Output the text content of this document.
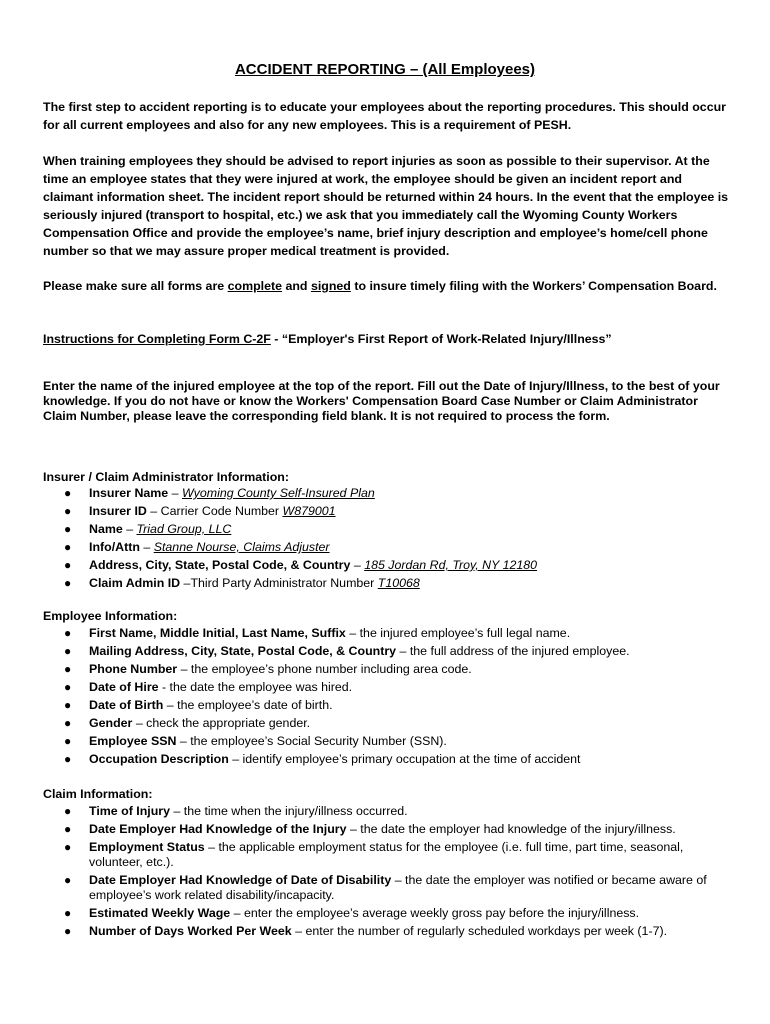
ACCIDENT REPORTING – (All Employees)
The first step to accident reporting is to educate your employees about the reporting procedures. This should occur for all current employees and also for any new employees. This is a requirement of PESH.
When training employees they should be advised to report injuries as soon as possible to their supervisor. At the time an employee states that they were injured at work, the employee should be given an incident report and claimant information sheet. The incident report should be returned within 24 hours. In the event that the employee is seriously injured (transport to hospital, etc.) we ask that you immediately call the Wyoming County Workers Compensation Office and provide the employee’s name, brief injury description and employee’s home/cell phone number so that we may assure proper medical treatment is provided.
Please make sure all forms are complete and signed to insure timely filing with the Workers’ Compensation Board.
Instructions for Completing Form C-2F - “Employer's First Report of Work-Related Injury/Illness”
Enter the name of the injured employee at the top of the report. Fill out the Date of Injury/Illness, to the best of your knowledge. If you do not have or know the Workers' Compensation Board Case Number or Claim Administrator Claim Number, please leave the corresponding field blank. It is not required to process the form.
Insurer / Claim Administrator Information:
● Insurer Name – Wyoming County Self-Insured Plan
● Insurer ID – Carrier Code Number W879001
● Name – Triad Group, LLC
● Info/Attn – Stanne Nourse, Claims Adjuster
● Address, City, State, Postal Code, & Country – 185 Jordan Rd, Troy, NY 12180
● Claim Admin ID –Third Party Administrator Number T10068
Employee Information:
● First Name, Middle Initial, Last Name, Suffix – the injured employee’s full legal name.
● Mailing Address, City, State, Postal Code, & Country – the full address of the injured employee.
● Phone Number – the employee’s phone number including area code.
● Date of Hire - the date the employee was hired.
● Date of Birth – the employee’s date of birth.
● Gender – check the appropriate gender.
● Employee SSN – the employee’s Social Security Number (SSN).
● Occupation Description – identify employee’s primary occupation at the time of accident
Claim Information:
● Time of Injury – the time when the injury/illness occurred.
● Date Employer Had Knowledge of the Injury – the date the employer had knowledge of the injury/illness.
● Employment Status – the applicable employment status for the employee (i.e. full time, part time, seasonal, volunteer, etc.).
● Date Employer Had Knowledge of Date of Disability – the date the employer was notified or became aware of employee’s work related disability/incapacity.
● Estimated Weekly Wage – enter the employee’s average weekly gross pay before the injury/illness.
● Number of Days Worked Per Week – enter the number of regularly scheduled workdays per week (1-7).
